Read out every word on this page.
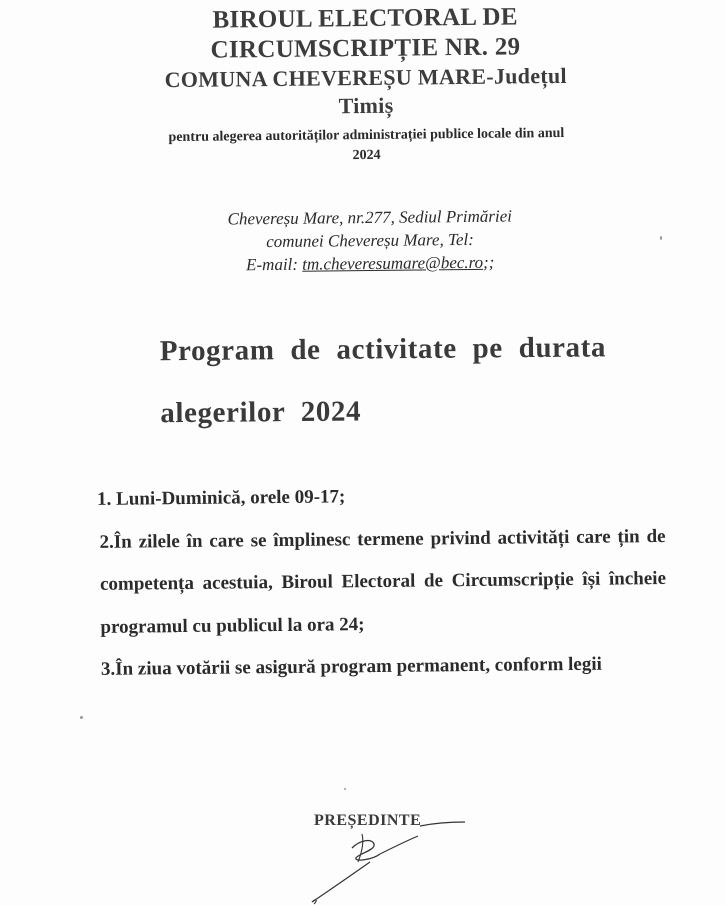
BIROUL ELECTORAL DE
CIRCUMSCRIPȚIE NR. 29
COMUNA CHEVEREȘU MARE-Județul
Timiș
pentru alegerea autorităților administrației publice locale din anul
2024
Chevereșu Mare, nr.277, Sediul Primăriei
comunei Chevereșu Mare, Tel:
E-mail: tm.cheveresumare@bec.ro;;
Program de activitate pe durata
alegerilor 2024

1. Luni-Duminică, orele 09-17;

2.În zilele în care se împlinesc termene privind activități care țin de competența acestuia, Biroul Electoral de Circumscripție își încheie programul cu publicul la ora 24;

3.În ziua votării se asigură program permanent, conform legii

PREȘEDINTE
